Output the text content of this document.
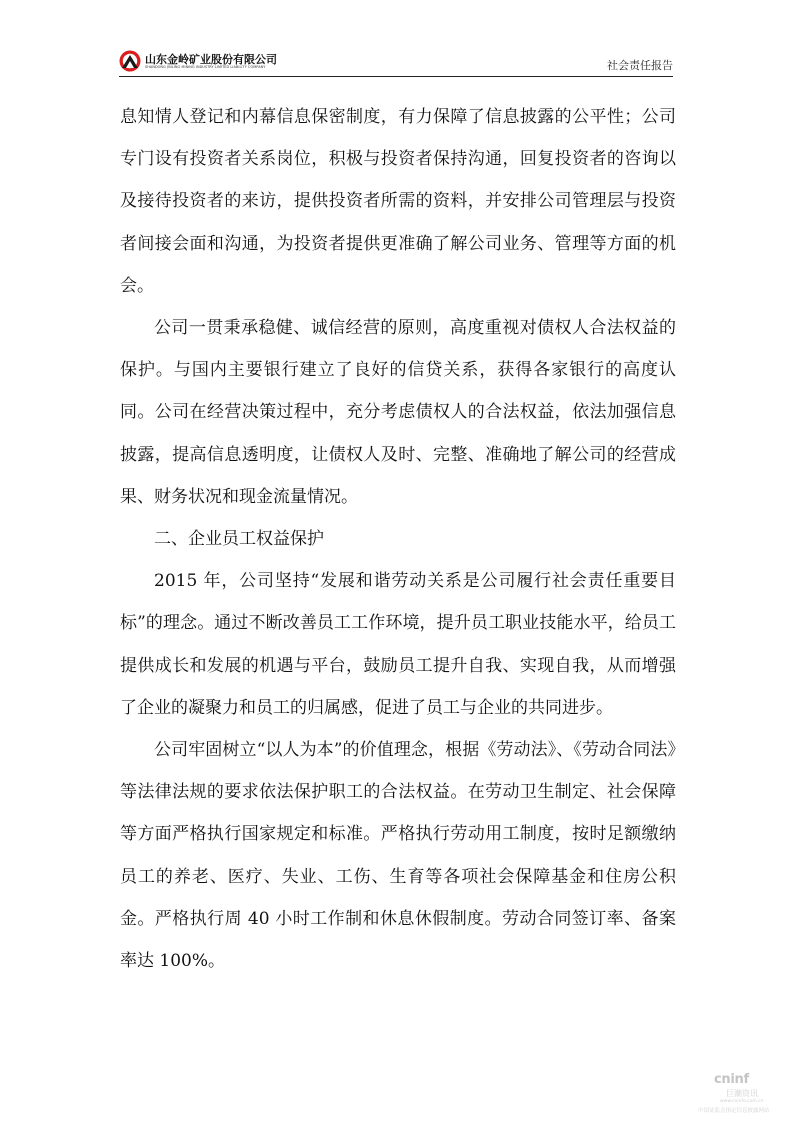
山东金岭矿业股份有限公司
SHANDONG JINLING MINING INDUSTRY LIMITED LIABILITY COMPANY	社会责任报告

息知情人登记和内幕信息保密制度，有力保障了信息披露的公平性；公司专门设有投资者关系岗位，积极与投资者保持沟通，回复投资者的咨询以及接待投资者的来访，提供投资者所需的资料，并安排公司管理层与投资者间接会面和沟通，为投资者提供更准确了解公司业务、管理等方面的机会。

公司一贯秉承稳健、诚信经营的原则，高度重视对债权人合法权益的保护。与国内主要银行建立了良好的信贷关系，获得各家银行的高度认同。公司在经营决策过程中，充分考虑债权人的合法权益，依法加强信息披露，提高信息透明度，让债权人及时、完整、准确地了解公司的经营成果、财务状况和现金流量情况。

二、企业员工权益保护

2015 年，公司坚持“发展和谐劳动关系是公司履行社会责任重要目标”的理念。通过不断改善员工工作环境，提升员工职业技能水平，给员工提供成长和发展的机遇与平台，鼓励员工提升自我、实现自我，从而增强了企业的凝聚力和员工的归属感，促进了员工与企业的共同进步。

公司牢固树立“以人为本”的价值理念，根据《劳动法》、《劳动合同法》等法律法规的要求依法保护职工的合法权益。在劳动卫生制定、社会保障等方面严格执行国家规定和标准。严格执行劳动用工制度，按时足额缴纳员工的养老、医疗、失业、工伤、生育等各项社会保障基金和住房公积金。严格执行周 40 小时工作制和休息休假制度。劳动合同签订率、备案率达 100%。

cninf
巨潮资讯
www.cninfo.com.cn
中国证监会指定信息披露网站
